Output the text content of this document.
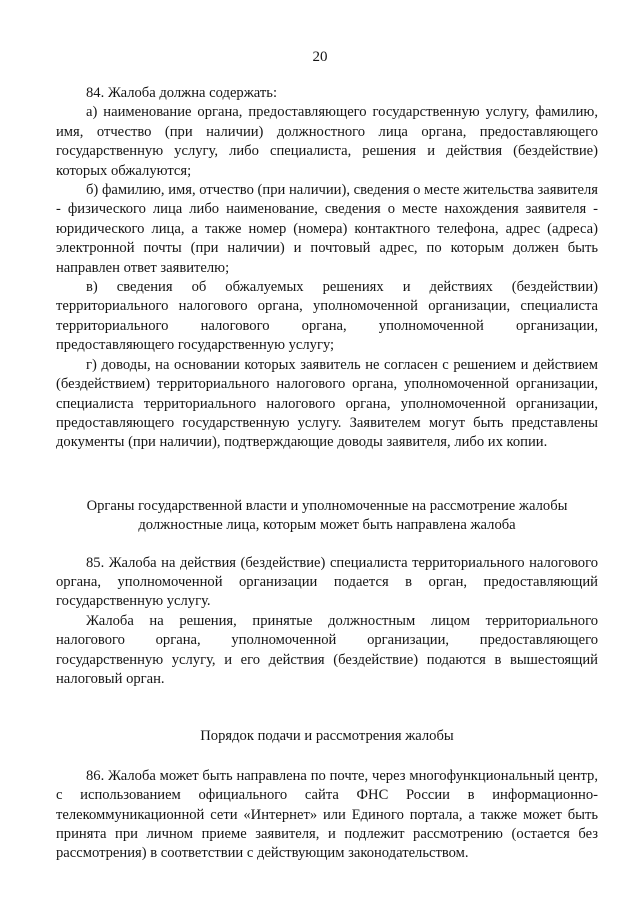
20

84. Жалоба должна содержать:

а) наименование органа, предоставляющего государственную услугу, фамилию, имя, отчество (при наличии) должностного лица органа, предоставляющего государственную услугу, либо специалиста, решения и действия (бездействие) которых обжалуются;

б) фамилию, имя, отчество (при наличии), сведения о месте жительства заявителя - физического лица либо наименование, сведения о месте нахождения заявителя - юридического лица, а также номер (номера) контактного телефона, адрес (адреса) электронной почты (при наличии) и почтовый адрес, по которым должен быть направлен ответ заявителю;

в) сведения об обжалуемых решениях и действиях (бездействии) территориального налогового органа, уполномоченной организации, специалиста территориального налогового органа, уполномоченной организации, предоставляющего государственную услугу;

г) доводы, на основании которых заявитель не согласен с решением и действием (бездействием) территориального налогового органа, уполномоченной организации, специалиста территориального налогового органа, уполномоченной организации, предоставляющего государственную услугу. Заявителем могут быть представлены документы (при наличии), подтверждающие доводы заявителя, либо их копии.

Органы государственной власти и уполномоченные на рассмотрение жалобы
должностные лица, которым может быть направлена жалоба

85. Жалоба на действия (бездействие) специалиста территориального налогового органа, уполномоченной организации подается в орган, предоставляющий государственную услугу.

Жалоба на решения, принятые должностным лицом территориального налогового органа, уполномоченной организации, предоставляющего государственную услугу, и его действия (бездействие) подаются в вышестоящий налоговый орган.

Порядок подачи и рассмотрения жалобы

86. Жалоба может быть направлена по почте, через многофункциональный центр, с использованием официального сайта ФНС России в информационно-телекоммуникационной сети «Интернет» или Единого портала, а также может быть принята при личном приеме заявителя, и подлежит рассмотрению (остается без рассмотрения) в соответствии с действующим законодательством.
